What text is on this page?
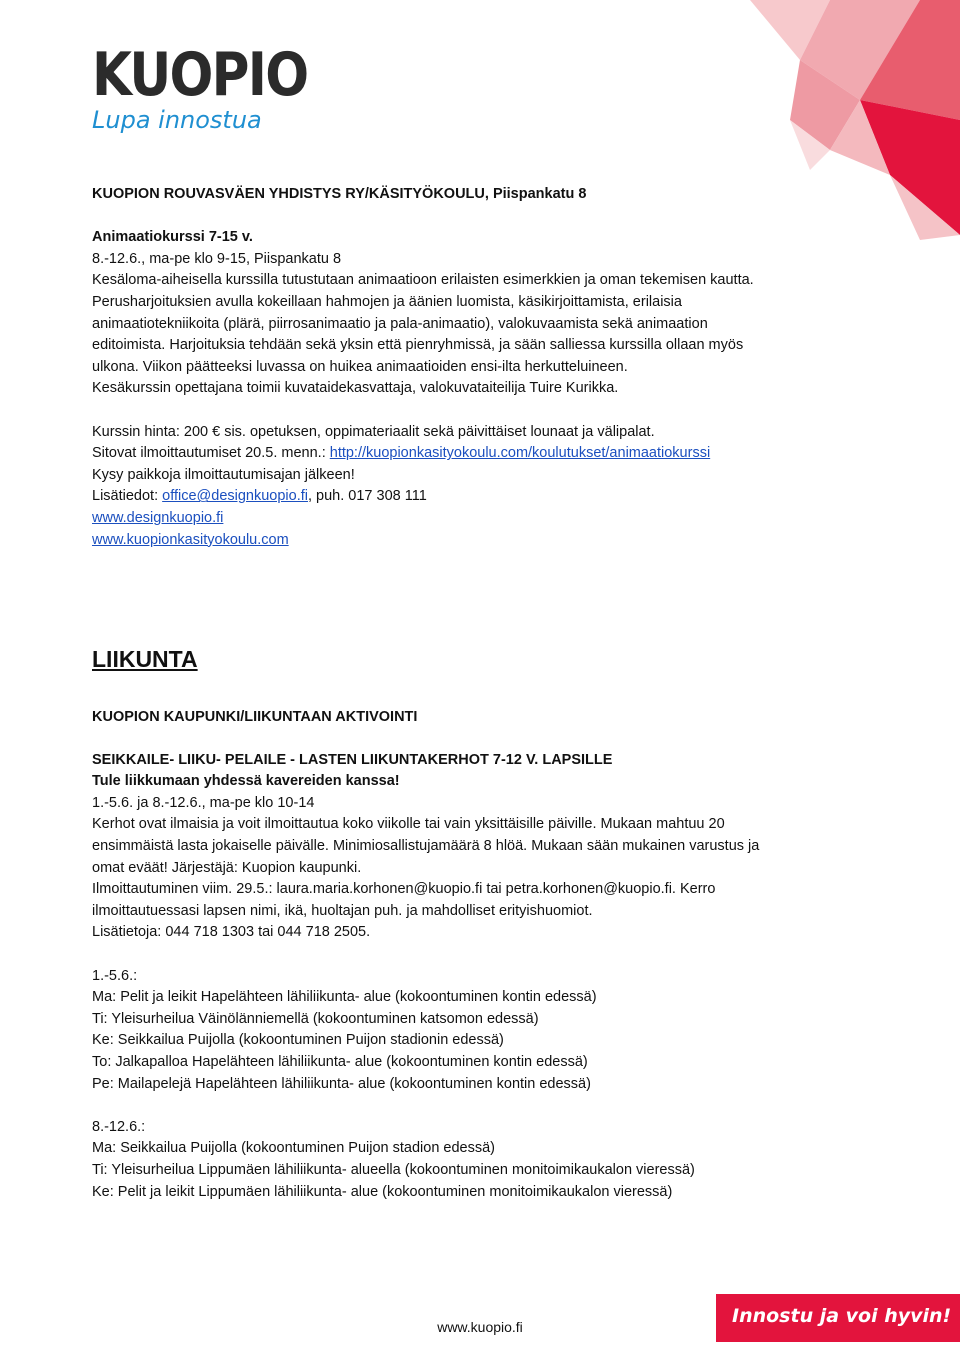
KUOPIO
Lupa innostua
KUOPION ROUVASVÄEN YHDISTYS RY/KÄSITYÖKOULU, Piispankatu 8
Animaatiokurssi 7-15 v.
8.-12.6., ma-pe klo 9-15, Piispankatu 8
Kesäloma-aiheisella kurssilla tutustutaan animaatioon erilaisten esimerkkien ja oman tekemisen kautta.
Perusharjoituksien avulla kokeillaan hahmojen ja äänien luomista, käsikirjoittamista, erilaisia
animaatiotekniikoita (plärä, piirrosanimaatio ja pala-animaatio), valokuvaamista sekä animaation
editoimista. Harjoituksia tehdään sekä yksin että pienryhmissä, ja sään salliessa kurssilla ollaan myös
ulkona. Viikon päätteeksi luvassa on huikea animaatioiden ensi-ilta herkutteluineen.
Kesäkurssin opettajana toimii kuvataidekasvattaja, valokuvataiteilija Tuire Kurikka.
Kurssin hinta: 200 € sis. opetuksen, oppimateriaalit sekä päivittäiset lounaat ja välipalat.
Sitovat ilmoittautumiset 20.5. menn.: http://kuopionkasityokoulu.com/koulutukset/animaatiokurssi
Kysy paikkoja ilmoittautumisajan jälkeen!
Lisätiedot: office@designkuopio.fi, puh. 017 308 111
www.designkuopio.fi
www.kuopionkasityokoulu.com
LIIKUNTA
KUOPION KAUPUNKI/LIIKUNTAAN AKTIVOINTI
SEIKKAILE- LIIKU- PELAILE - LASTEN LIIKUNTAKERHOT 7-12 V. LAPSILLE
Tule liikkumaan yhdessä kavereiden kanssa!
1.-5.6. ja 8.-12.6., ma-pe klo 10-14
Kerhot ovat ilmaisia ja voit ilmoittautua koko viikolle tai vain yksittäisille päiville. Mukaan mahtuu 20
ensimmäistä lasta jokaiselle päivälle. Minimiosallistujamäärä 8 hlöä. Mukaan sään mukainen varustus ja
omat eväät! Järjestäjä: Kuopion kaupunki.
Ilmoittautuminen viim. 29.5.: laura.maria.korhonen@kuopio.fi tai petra.korhonen@kuopio.fi. Kerro
ilmoittautuessasi lapsen nimi, ikä, huoltajan puh. ja mahdolliset erityishuomiot.
Lisätietoja: 044 718 1303 tai 044 718 2505.
1.-5.6.:
Ma: Pelit ja leikit Hapelähteen lähiliikunta- alue (kokoontuminen kontin edessä)
Ti: Yleisurheilua Väinölänniemellä (kokoontuminen katsomon edessä)
Ke: Seikkailua Puijolla (kokoontuminen Puijon stadionin edessä)
To: Jalkapalloa Hapelähteen lähiliikunta- alue (kokoontuminen kontin edessä)
Pe: Mailapelejä Hapelähteen lähiliikunta- alue (kokoontuminen kontin edessä)
8.-12.6.:
Ma: Seikkailua Puijolla (kokoontuminen Puijon stadion edessä)
Ti: Yleisurheilua Lippumäen lähiliikunta- alueella (kokoontuminen monitoimikaukalon vieressä)
Ke: Pelit ja leikit Lippumäen lähiliikunta- alue (kokoontuminen monitoimikaukalon vieressä)
www.kuopio.fi	Innostu ja voi hyvin!
